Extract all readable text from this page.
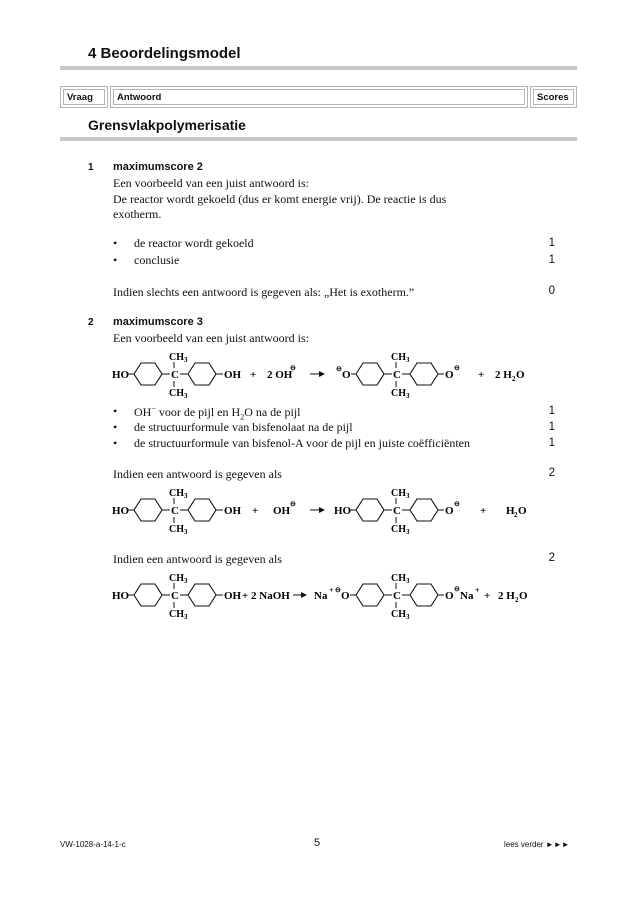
4 Beoordelingsmodel
Vraag	Antwoord	Scores
Grensvlakpolymerisatie
1 maximumscore 2
Een voorbeeld van een juist antwoord is:
De reactor wordt gekoeld (dus er komt energie vrij). De reactie is dus
exotherm.
• de reactor wordt gekoeld	1
• conclusie	1
Indien slechts een antwoord is gegeven als: „Het is exotherm.”	0
2 maximumscore 3
Een voorbeeld van een juist antwoord is:
HO	C
CH 3
CH 3
OH + 2 OH
⊖	⊖ O	C
CH 3
CH 3
O
⊖
+ 2 H 2 O
• OH− voor de pijl en $H_2O$ na de pijl	1
• de structuurformule van bisfenolaat na de pijl	1
• de structuurformule van bisfenol-A voor de pijl en juiste coëfficiënten	1
Indien een antwoord is gegeven als	2
HO	C
CH 3
CH 3
OH + OH
⊖
HO	C
CH 3
CH 3
O
⊖
+ H 2 O
Indien een antwoord is gegeven als	2
HO	C
CH 3
CH 3
OH + 2 NaOH Na + ⊖ O	C
CH 3
CH 3
O
⊖
Na + + 2 H 2 O
VW-1028-a-14-1-c	5	lees verder ►►►
